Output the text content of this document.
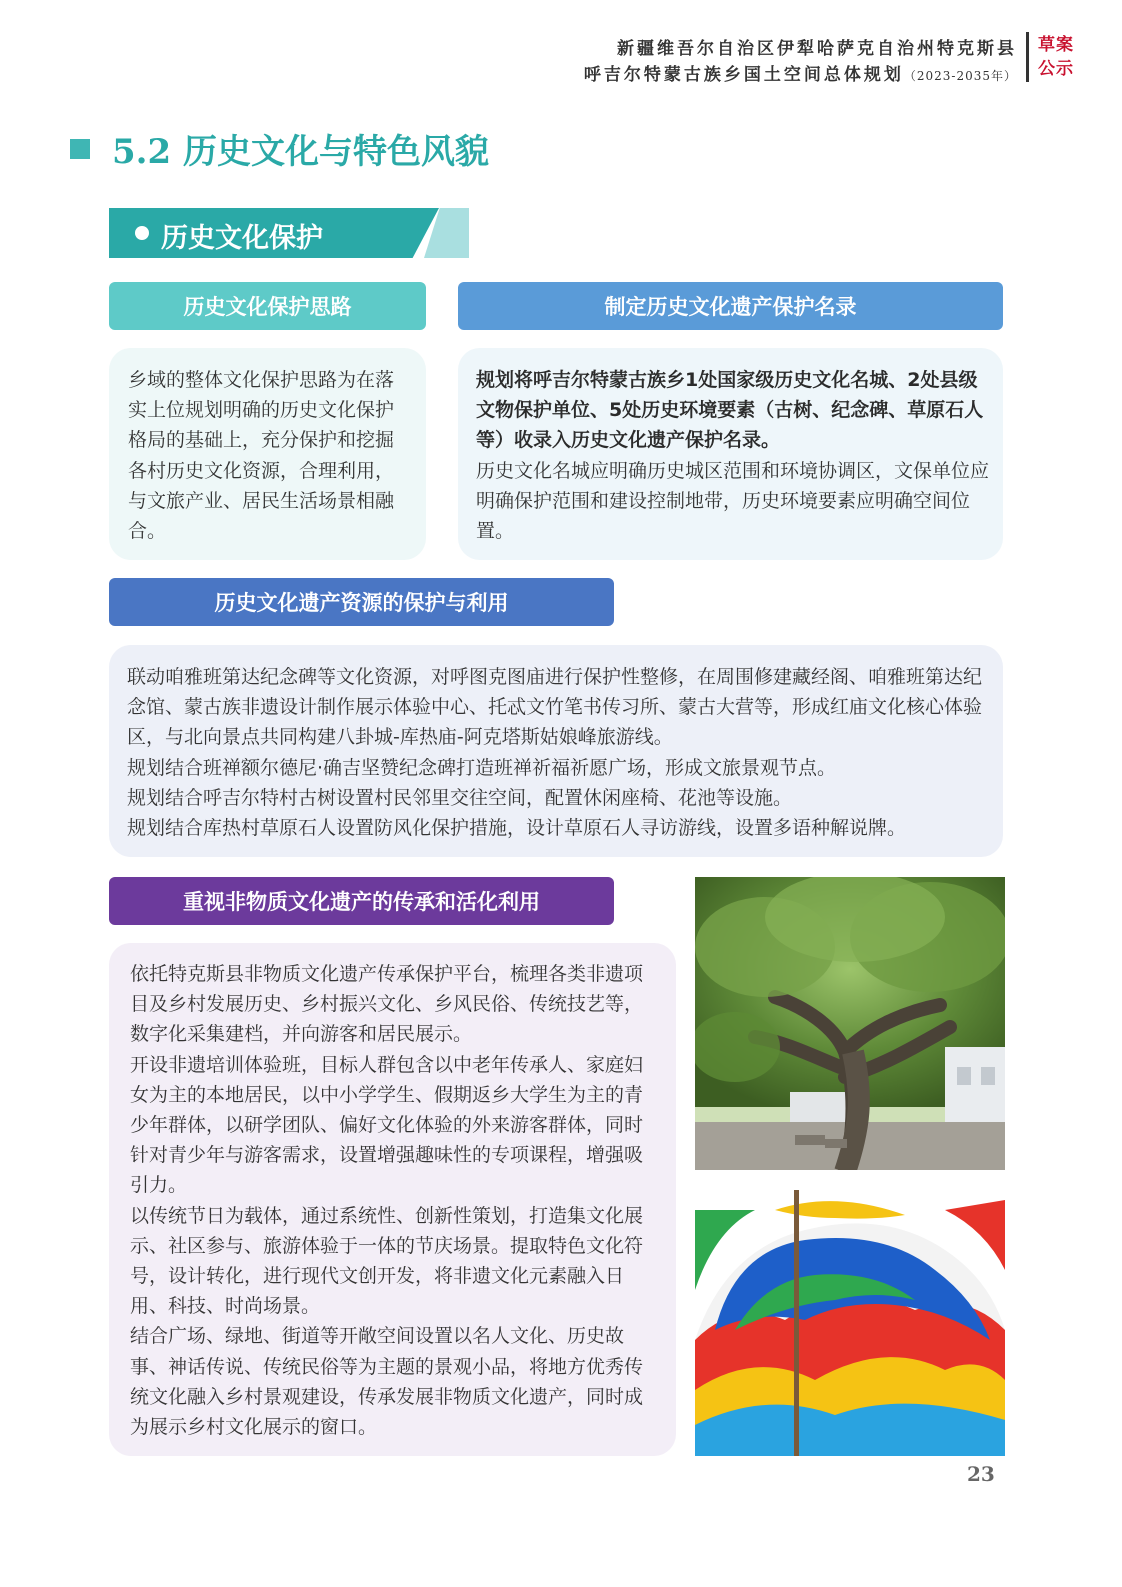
新疆维吾尔自治区伊犁哈萨克自治州特克斯县
呼吉尔特蒙古族乡国土空间总体规划（2023-2035年）
草案
公示
5.2 历史文化与特色风貌
历史文化保护
历史文化保护思路

乡域的整体文化保护思路为在落实上位规划明确的历史文化保护格局的基础上，充分保护和挖掘各村历史文化资源，合理利用，与文旅产业、居民生活场景相融合。

制定历史文化遗产保护名录

规划将呼吉尔特蒙古族乡1处国家级历史文化名城、2处县级文物保护单位、5处历史环境要素（古树、纪念碑、草原石人等）收录入历史文化遗产保护名录。

历史文化名城应明确历史城区范围和环境协调区，文保单位应明确保护范围和建设控制地带，历史环境要素应明确空间位置。

历史文化遗产资源的保护与利用

联动咱雅班第达纪念碑等文化资源，对呼图克图庙进行保护性整修，在周围修建藏经阁、咱雅班第达纪念馆、蒙古族非遗设计制作展示体验中心、托忒文竹笔书传习所、蒙古大营等，形成红庙文化核心体验区，与北向景点共同构建八卦城-库热庙-阿克塔斯姑娘峰旅游线。

规划结合班禅额尔德尼·确吉坚赞纪念碑打造班禅祈福祈愿广场，形成文旅景观节点。

规划结合呼吉尔特村古树设置村民邻里交往空间，配置休闲座椅、花池等设施。

规划结合库热村草原石人设置防风化保护措施，设计草原石人寻访游线，设置多语种解说牌。

重视非物质文化遗产的传承和活化利用

依托特克斯县非物质文化遗产传承保护平台，梳理各类非遗项目及乡村发展历史、乡村振兴文化、乡风民俗、传统技艺等，数字化采集建档，并向游客和居民展示。

开设非遗培训体验班，目标人群包含以中老年传承人、家庭妇女为主的本地居民，以中小学学生、假期返乡大学生为主的青少年群体，以研学团队、偏好文化体验的外来游客群体，同时针对青少年与游客需求，设置增强趣味性的专项课程，增强吸引力。

以传统节日为载体，通过系统性、创新性策划，打造集文化展示、社区参与、旅游体验于一体的节庆场景。提取特色文化符号，设计转化，进行现代文创开发，将非遗文化元素融入日用、科技、时尚场景。

结合广场、绿地、街道等开敞空间设置以名人文化、历史故事、神话传说、传统民俗等为主题的景观小品，将地方优秀传统文化融入乡村景观建设，传承发展非物质文化遗产，同时成为展示乡村文化展示的窗口。

23
